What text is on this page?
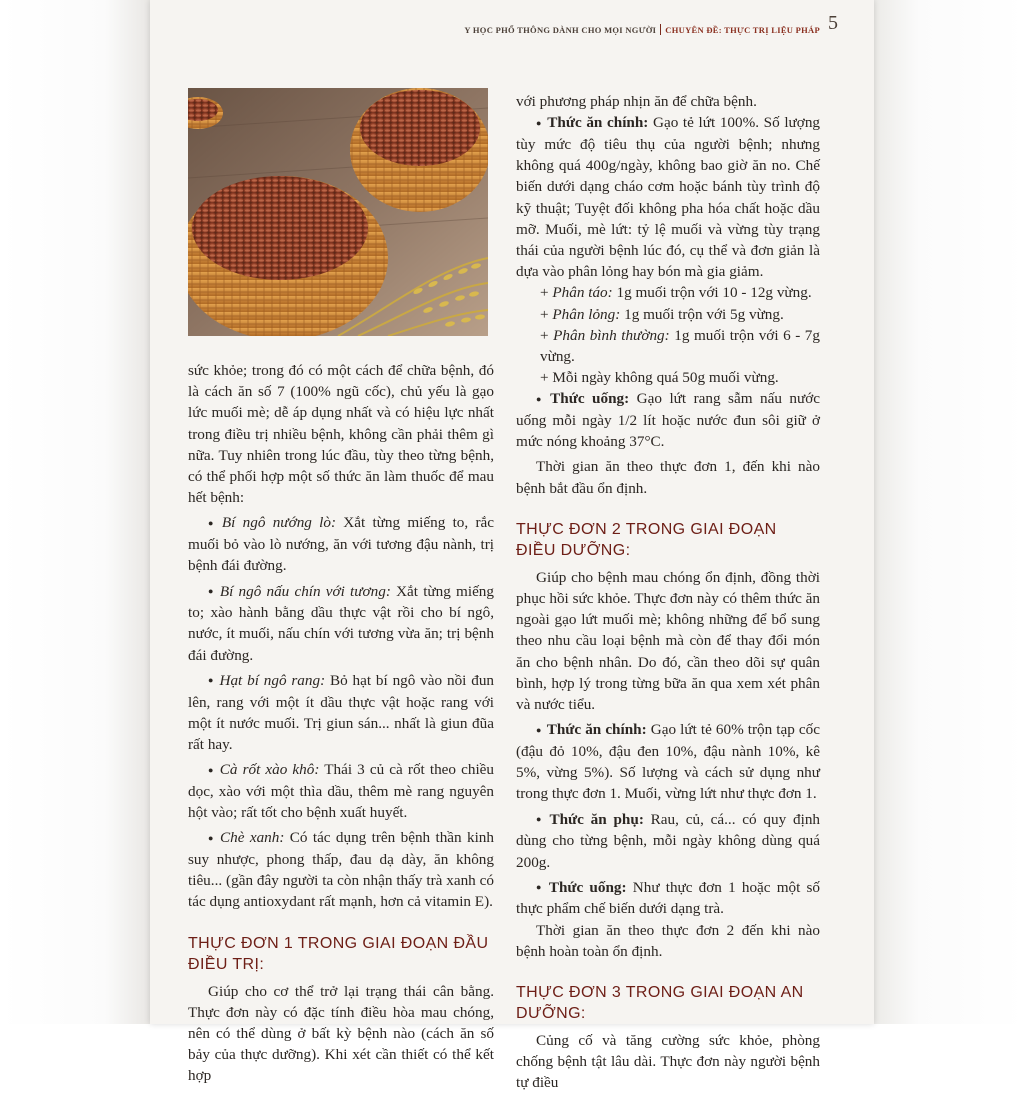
Y HỌC PHỔ THÔNG DÀNH CHO MỌI NGƯỜI CHUYÊN ĐỀ: THỰC TRỊ LIỆU PHÁP 5

sức khỏe; trong đó có một cách để chữa bệnh, đó là cách ăn số 7 (100% ngũ cốc), chủ yếu là gạo lức muối mè; dễ áp dụng nhất và có hiệu lực nhất trong điều trị nhiều bệnh, không cần phải thêm gì nữa. Tuy nhiên trong lúc đầu, tùy theo từng bệnh, có thể phối hợp một số thức ăn làm thuốc để mau hết bệnh:

● Bí ngô nướng lò: Xắt từng miếng to, rắc muối bỏ vào lò nướng, ăn với tương đậu nành, trị bệnh đái đường.

● Bí ngô nấu chín với tương: Xắt từng miếng to; xào hành bằng dầu thực vật rồi cho bí ngô, nước, ít muối, nấu chín với tương vừa ăn; trị bệnh đái đường.

● Hạt bí ngô rang: Bỏ hạt bí ngô vào nồi đun lên, rang với một ít dầu thực vật hoặc rang với một ít nước muối. Trị giun sán... nhất là giun đũa rất hay.

● Cà rốt xào khô: Thái 3 củ cà rốt theo chiều dọc, xào với một thìa dầu, thêm mè rang nguyên hột vào; rất tốt cho bệnh xuất huyết.

● Chè xanh: Có tác dụng trên bệnh thần kinh suy nhược, phong thấp, đau dạ dày, ăn không tiêu... (gần đây người ta còn nhận thấy trà xanh có tác dụng antioxydant rất mạnh, hơn cả vitamin E).

THỰC ĐƠN 1 TRONG GIAI ĐOẠN ĐẦU ĐIỀU TRỊ:

Giúp cho cơ thể trở lại trạng thái cân bằng. Thực đơn này có đặc tính điều hòa mau chóng, nên có thể dùng ở bất kỳ bệnh nào (cách ăn số bảy của thực dưỡng). Khi xét cần thiết có thể kết hợp

với phương pháp nhịn ăn để chữa bệnh.

● Thức ăn chính: Gạo tẻ lứt 100%. Số lượng tùy mức độ tiêu thụ của người bệnh; nhưng không quá 400g/ngày, không bao giờ ăn no. Chế biến dưới dạng cháo cơm hoặc bánh tùy trình độ kỹ thuật; Tuyệt đối không pha hóa chất hoặc dầu mỡ. Muối, mè lứt: tỷ lệ muối và vừng tùy trạng thái của người bệnh lúc đó, cụ thể và đơn giản là dựa vào phân lỏng hay bón mà gia giảm.

+ Phân táo: 1g muối trộn với 10 - 12g vừng.

+ Phân lỏng: 1g muối trộn với 5g vừng.

+ Phân bình thường: 1g muối trộn với 6 - 7g vừng.

+ Mỗi ngày không quá 50g muối vừng.

● Thức uống: Gạo lứt rang sẫm nấu nước uống mỗi ngày 1/2 lít hoặc nước đun sôi giữ ở mức nóng khoảng 37°C.

Thời gian ăn theo thực đơn 1, đến khi nào bệnh bắt đầu ổn định.

THỰC ĐƠN 2 TRONG GIAI ĐOẠN ĐIỀU DƯỠNG:

Giúp cho bệnh mau chóng ổn định, đồng thời phục hồi sức khỏe. Thực đơn này có thêm thức ăn ngoài gạo lứt muối mè; không những để bổ sung theo nhu cầu loại bệnh mà còn để thay đổi món ăn cho bệnh nhân. Do đó, cần theo dõi sự quân bình, hợp lý trong từng bữa ăn qua xem xét phân và nước tiểu.

● Thức ăn chính: Gạo lứt tẻ 60% trộn tạp cốc (đậu đỏ 10%, đậu đen 10%, đậu nành 10%, kê 5%, vừng 5%). Số lượng và cách sử dụng như trong thực đơn 1. Muối, vừng lứt như thực đơn 1.

● Thức ăn phụ: Rau, củ, cá... có quy định dùng cho từng bệnh, mỗi ngày không dùng quá 200g.

● Thức uống: Như thực đơn 1 hoặc một số thực phẩm chế biến dưới dạng trà.

Thời gian ăn theo thực đơn 2 đến khi nào bệnh hoàn toàn ổn định.

THỰC ĐƠN 3 TRONG GIAI ĐOẠN AN DƯỠNG:

Củng cố và tăng cường sức khỏe, phòng chống bệnh tật lâu dài. Thực đơn này người bệnh tự điều
